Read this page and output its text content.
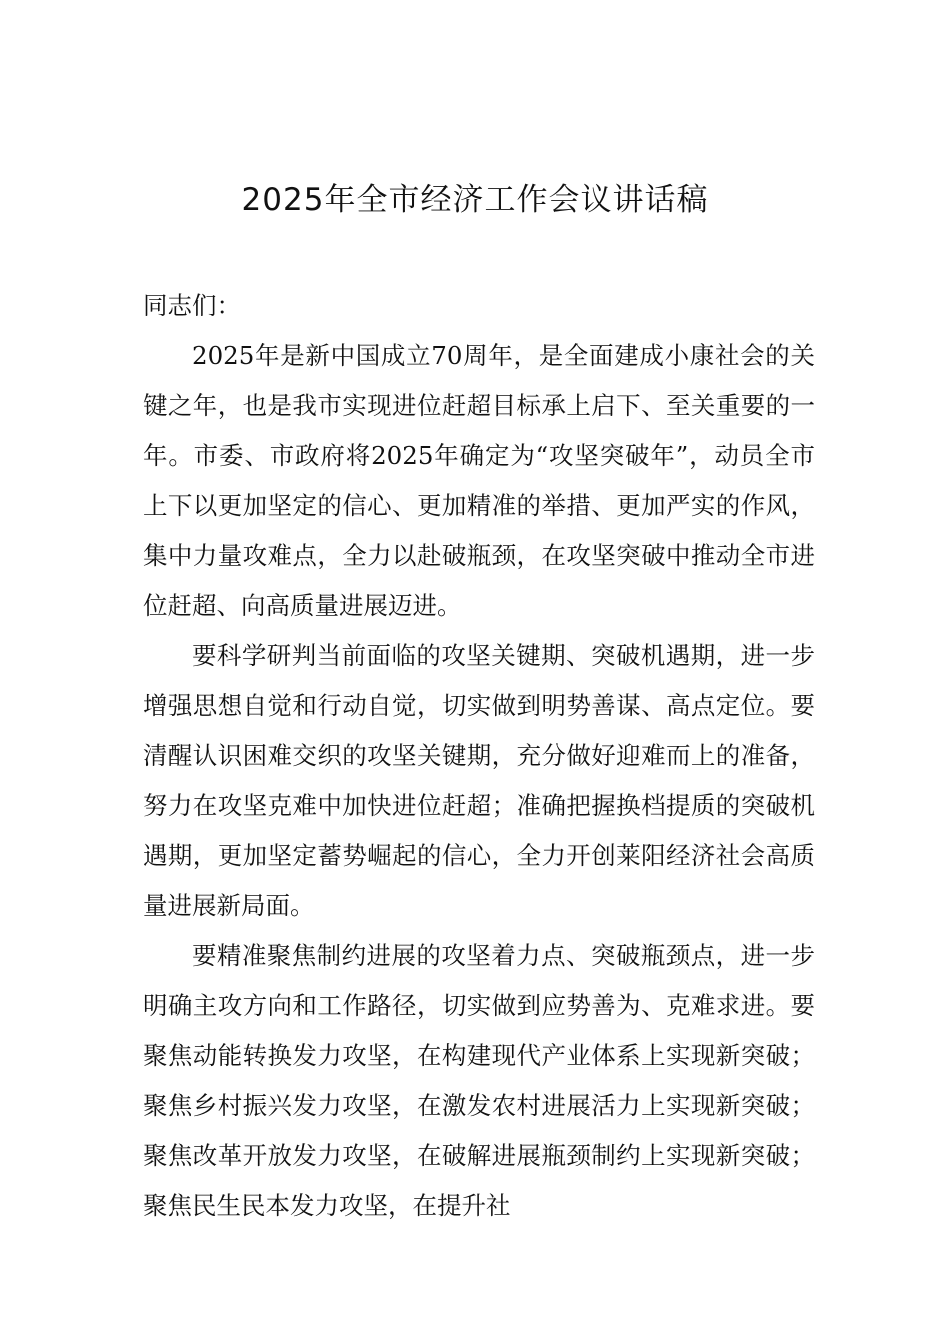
2025年全市经济工作会议讲话稿

同志们：

2025年是新中国成立70周年，是全面建成小康社会的关键之年，也是我市实现进位赶超目标承上启下、至关重要的一年。市委、市政府将2025年确定为“攻坚突破年”，动员全市上下以更加坚定的信心、更加精准的举措、更加严实的作风，集中力量攻难点，全力以赴破瓶颈，在攻坚突破中推动全市进位赶超、向高质量进展迈进。

要科学研判当前面临的攻坚关键期、突破机遇期，进一步增强思想自觉和行动自觉，切实做到明势善谋、高点定位。要清醒认识困难交织的攻坚关键期，充分做好迎难而上的准备，努力在攻坚克难中加快进位赶超；准确把握换档提质的突破机遇期，更加坚定蓄势崛起的信心，全力开创莱阳经济社会高质量进展新局面。

要精准聚焦制约进展的攻坚着力点、突破瓶颈点，进一步明确主攻方向和工作路径，切实做到应势善为、克难求进。要聚焦动能转换发力攻坚，在构建现代产业体系上实现新突破；聚焦乡村振兴发力攻坚，在激发农村进展活力上实现新突破；聚焦改革开放发力攻坚，在破解进展瓶颈制约上实现新突破；聚焦民生民本发力攻坚，在提升社
